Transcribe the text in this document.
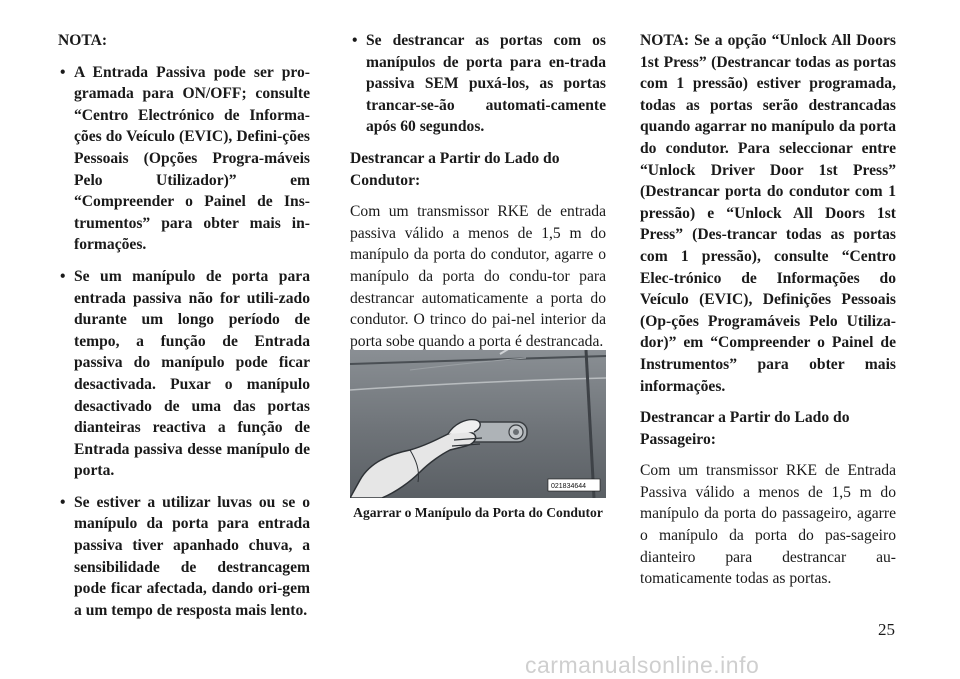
NOTA:

• A Entrada Passiva pode ser pro-gramada para ON/OFF; consulte “Centro Electrónico de Informa-ções do Veículo (EVIC), Defini-ções Pessoais (Opções Progra-máveis Pelo Utilizador)” em “Compreender o Painel de Ins-trumentos” para obter mais in-formações.
• Se um manípulo de porta para entrada passiva não for utili-zado durante um longo período de tempo, a função de Entrada passiva do manípulo pode ficar desactivada. Puxar o manípulo desactivado de uma das portas dianteiras reactiva a função de Entrada passiva desse manípulo de porta.
• Se estiver a utilizar luvas ou se o manípulo da porta para entrada passiva tiver apanhado chuva, a sensibilidade de destrancagem pode ficar afectada, dando ori-gem a um tempo de resposta mais lento.
• Se destrancar as portas com os manípulos de porta para en-trada passiva SEM puxá-los, as portas trancar-se-ão automati-camente após 60 segundos.

Destrancar a Partir do Lado do Condutor:

Com um transmissor RKE de entrada passiva válido a menos de 1,5 m do manípulo da porta do condutor, agarre o manípulo da porta do condu-tor para destrancar automaticamente a porta do condutor. O trinco do pai-nel interior da porta sobe quando a porta é destrancada.

021834644
Agarrar o Manípulo da Porta do Condutor

NOTA: Se a opção “Unlock All Doors 1st Press” (Destrancar todas as portas com 1 pressão) estiver programada, todas as portas serão destrancadas quando agarrar no manípulo da porta do condutor. Para seleccionar entre “Unlock Driver Door 1st Press” (Destrancar porta do condutor com 1 pressão) e “Unlock All Doors 1st Press” (Des-trancar todas as portas com 1 pressão), consulte “Centro Elec-trónico de Informações do Veículo (EVIC), Definições Pessoais (Op-ções Programáveis Pelo Utiliza-dor)” em “Compreender o Painel de Instrumentos” para obter mais informações.

Destrancar a Partir do Lado do Passageiro:

Com um transmissor RKE de Entrada Passiva válido a menos de 1,5 m do manípulo da porta do passageiro, agarre o manípulo da porta do pas-sageiro dianteiro para destrancar au-tomaticamente todas as portas.

25
carmanualsonline.info
